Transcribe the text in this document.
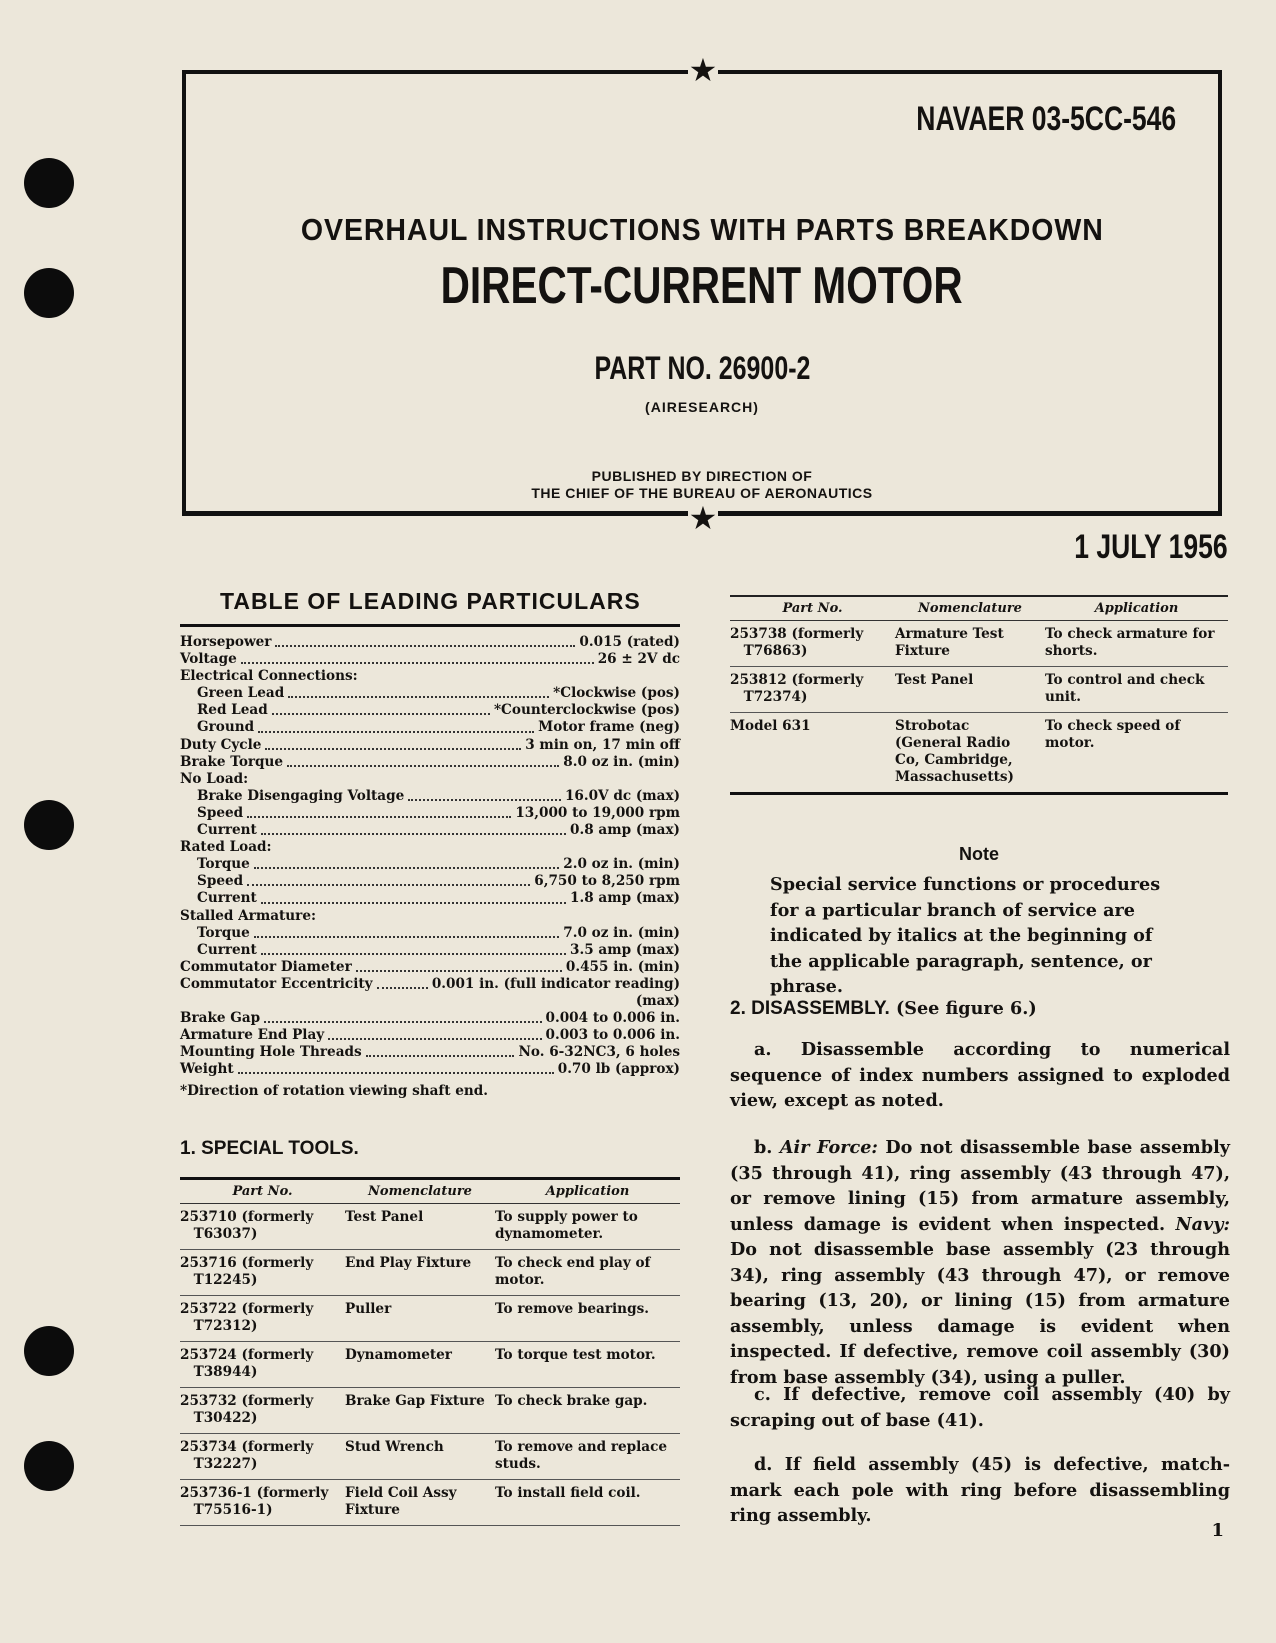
★
★
NAVAER 03-5CC-546
OVERHAUL INSTRUCTIONS WITH PARTS BREAKDOWN
DIRECT-CURRENT MOTOR
PART NO. 26900-2
(AIRESEARCH)
PUBLISHED BY DIRECTION OF
THE CHIEF OF THE BUREAU OF AERONAUTICS
1 JULY 1956
TABLE OF LEADING PARTICULARS
Horsepower	0.015 (rated)
Voltage	26 ± 2V dc
Electrical Connections:
Green Lead	*Clockwise (pos)
Red Lead	*Counterclockwise (pos)
Ground	Motor frame (neg)
Duty Cycle	3 min on, 17 min off
Brake Torque	8.0 oz in. (min)
No Load:
Brake Disengaging Voltage	16.0V dc (max)
Speed	13,000 to 19,000 rpm
Current	0.8 amp (max)
Rated Load:
Torque	2.0 oz in. (min)
Speed	6,750 to 8,250 rpm
Current	1.8 amp (max)
Stalled Armature:
Torque	7.0 oz in. (min)
Current	3.5 amp (max)
Commutator Diameter	0.455 in. (min)
Commutator Eccentricity	0.001 in. (full indicator reading)
(max)
Brake Gap	0.004 to 0.006 in.
Armature End Play	0.003 to 0.006 in.
Mounting Hole Threads	No. 6-32NC3, 6 holes
Weight	0.70 lb (approx)
*Direction of rotation viewing shaft end.
1. SPECIAL TOOLS.
Part No.	Nomenclature	Application
253710 (formerly
 T63037)	Test Panel	To supply power to dynamometer.
253716 (formerly
 T12245)	End Play Fixture	To check end play of motor.
253722 (formerly
 T72312)	Puller	To remove bearings.
253724 (formerly
 T38944)	Dynamometer	To torque test motor.
253732 (formerly
 T30422)	Brake Gap Fixture	To check brake gap.
253734 (formerly
 T32227)	Stud Wrench	To remove and replace studs.
253736-1 (formerly
 T75516-1)	Field Coil Assy Fixture	To install field coil.
Part No.	Nomenclature	Application
253738 (formerly
 T76863)	Armature Test Fixture	To check armature for shorts.
253812 (formerly
 T72374)	Test Panel	To control and check unit.
Model 631	Strobotac (General Radio Co, Cambridge, Massachusetts)	To check speed of motor.
Note
Special service functions or procedures for a particular branch of service are indicated by italics at the beginning of the applicable paragraph, sentence, or phrase.
2. DISASSEMBLY. (See figure 6.)
a. Disassemble according to numerical sequence of index numbers assigned to exploded view, except as noted.
b. Air Force: Do not disassemble base assembly (35 through 41), ring assembly (43 through 47), or remove lining (15) from armature assembly, unless damage is evident when inspected. Navy: Do not disassemble base assembly (23 through 34), ring assembly (43 through 47), or remove bearing (13, 20), or lining (15) from armature assembly, unless damage is evident when inspected. If defective, remove coil assembly (30) from base assembly (34), using a puller.
c. If defective, remove coil assembly (40) by scraping out of base (41).
d. If field assembly (45) is defective, match-mark each pole with ring before disassembling ring assembly.
1
